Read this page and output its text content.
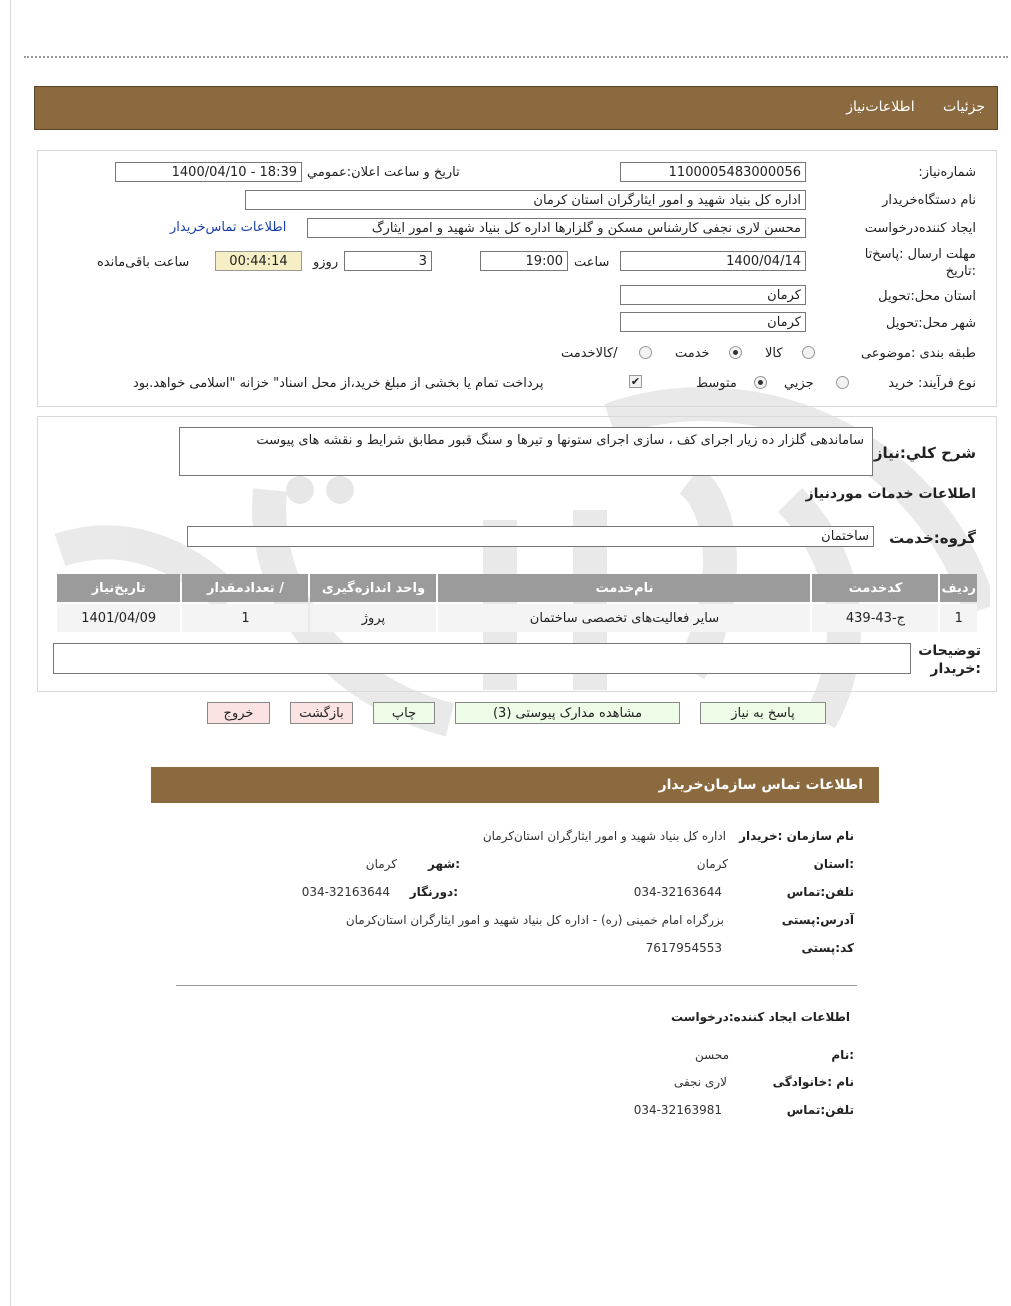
جزئیات اطلاعات‌نیاز
شماره‌نیاز:
1100005483000056
تاریخ و ساعت اعلان:عمومي
1400/04/10 - 18:39
نام دستگاه‌خریدار
اداره کل بنیاد شهید و امور ایثارگران استان کرمان
ایجاد کننده‌درخواست
محسن لاری نجفی کارشناس مسکن و گلزارها اداره کل بنیاد شهید و امور ایثارگ
اطلاعات تماس‌خریدار
مهلت ارسال :پاسخ‌تا
:تاریخ
1400/04/14
ساعت
19:00
3
روزو
00:44:14
ساعت باقی‌مانده
استان محل:تحویل
کرمان
شهر محل:تحویل
کرمان
طبقه بندی :موضوعی
کالا
خدمت
/کالاخدمت
نوع فرآیند: خرید
جزیي
متوسط
✔
پرداخت تمام یا بخشی از مبلغ خرید،از محل اسناد" خزانه "اسلامی خواهد.بود
شرح کلي:نیاز
ساماندهی گلزار ده زیار اجرای کف ، سازی اجرای ستونها و تیرها و سنگ قبور مطابق شرایط و نقشه های پیوست
اطلاعات خدمات موردنیاز
گروه:خدمت
ساختمان
ردیف	کدخدمت	نام‌خدمت	واحد اندازه‌گیری	/ تعدادمقدار	تاریخ‌نیاز
1	ج-43-439	سایر فعالیت‌های تخصصی ساختمان	پروژ	1	1401/04/09
توضیحات
:خریدار
پاسخ به نیاز
مشاهده مدارک پیوستی (3)
چاپ
بازگشت
خروج
اطلاعات تماس سازمان‌خریدار
نام سازمان :خریدار
اداره کل بنیاد شهید و امور ایثارگران استان‌کرمان
:استان
کرمان
:شهر
کرمان
تلفن:تماس
034-32163644
:دورنگار
034-32163644
آدرس:پستی
بزرگراه امام خمینی (ره) - اداره کل بنیاد شهید و امور ایثارگران استان‌کرمان
کد:پستی
7617954553
اطلاعات ایجاد کننده:درخواست
:نام
محسن
نام :خانوادگی
لاری نجفی
تلفن:تماس
034-32163981
